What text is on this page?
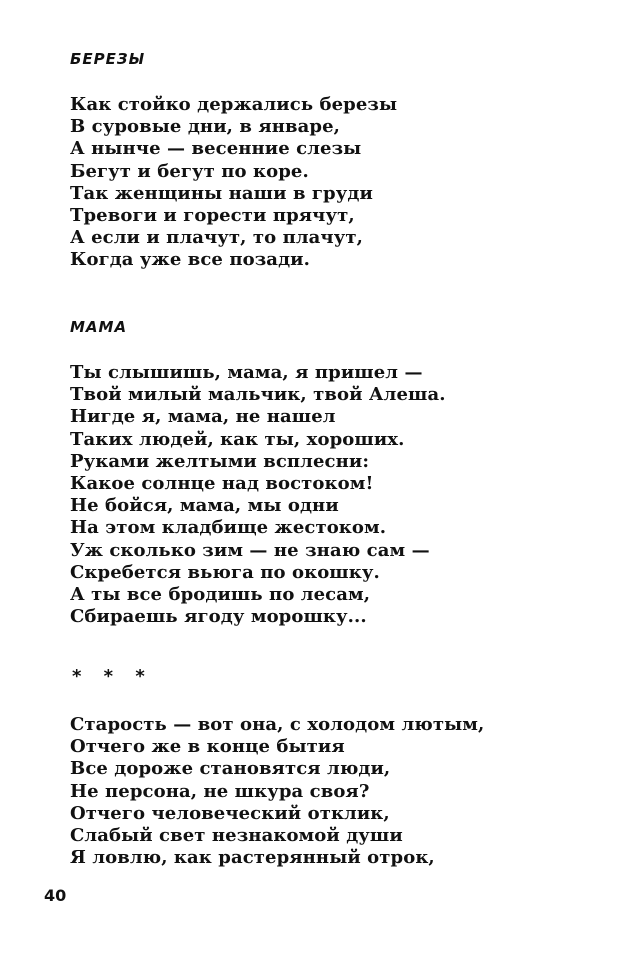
БЕРЕЗЫ
Как стойко держались березы
В суровые дни, в январе,
А нынче — весенние слезы
Бегут и бегут по коре.
Так женщины наши в груди
Тревоги и горести прячут,
А если и плачут, то плачут,
Когда уже все позади.
МАМА
Ты слышишь, мама, я пришел —
Твой милый мальчик, твой Алеша.
Нигде я, мама, не нашел
Таких людей, как ты, хороших.
Руками желтыми всплесни:
Какое солнце над востоком!
Не бойся, мама, мы одни
На этом кладбище жестоком.
Уж сколько зим — не знаю сам —
Скребется вьюга по окошку.
А ты все бродишь по лесам,
Сбираешь ягоду морошку...
* * *
Старость — вот она, с холодом лютым,
Отчего же в конце бытия
Все дороже становятся люди,
Не персона, не шкура своя?
Отчего человеческий отклик,
Слабый свет незнакомой души
Я ловлю, как растерянный отрок,
40
